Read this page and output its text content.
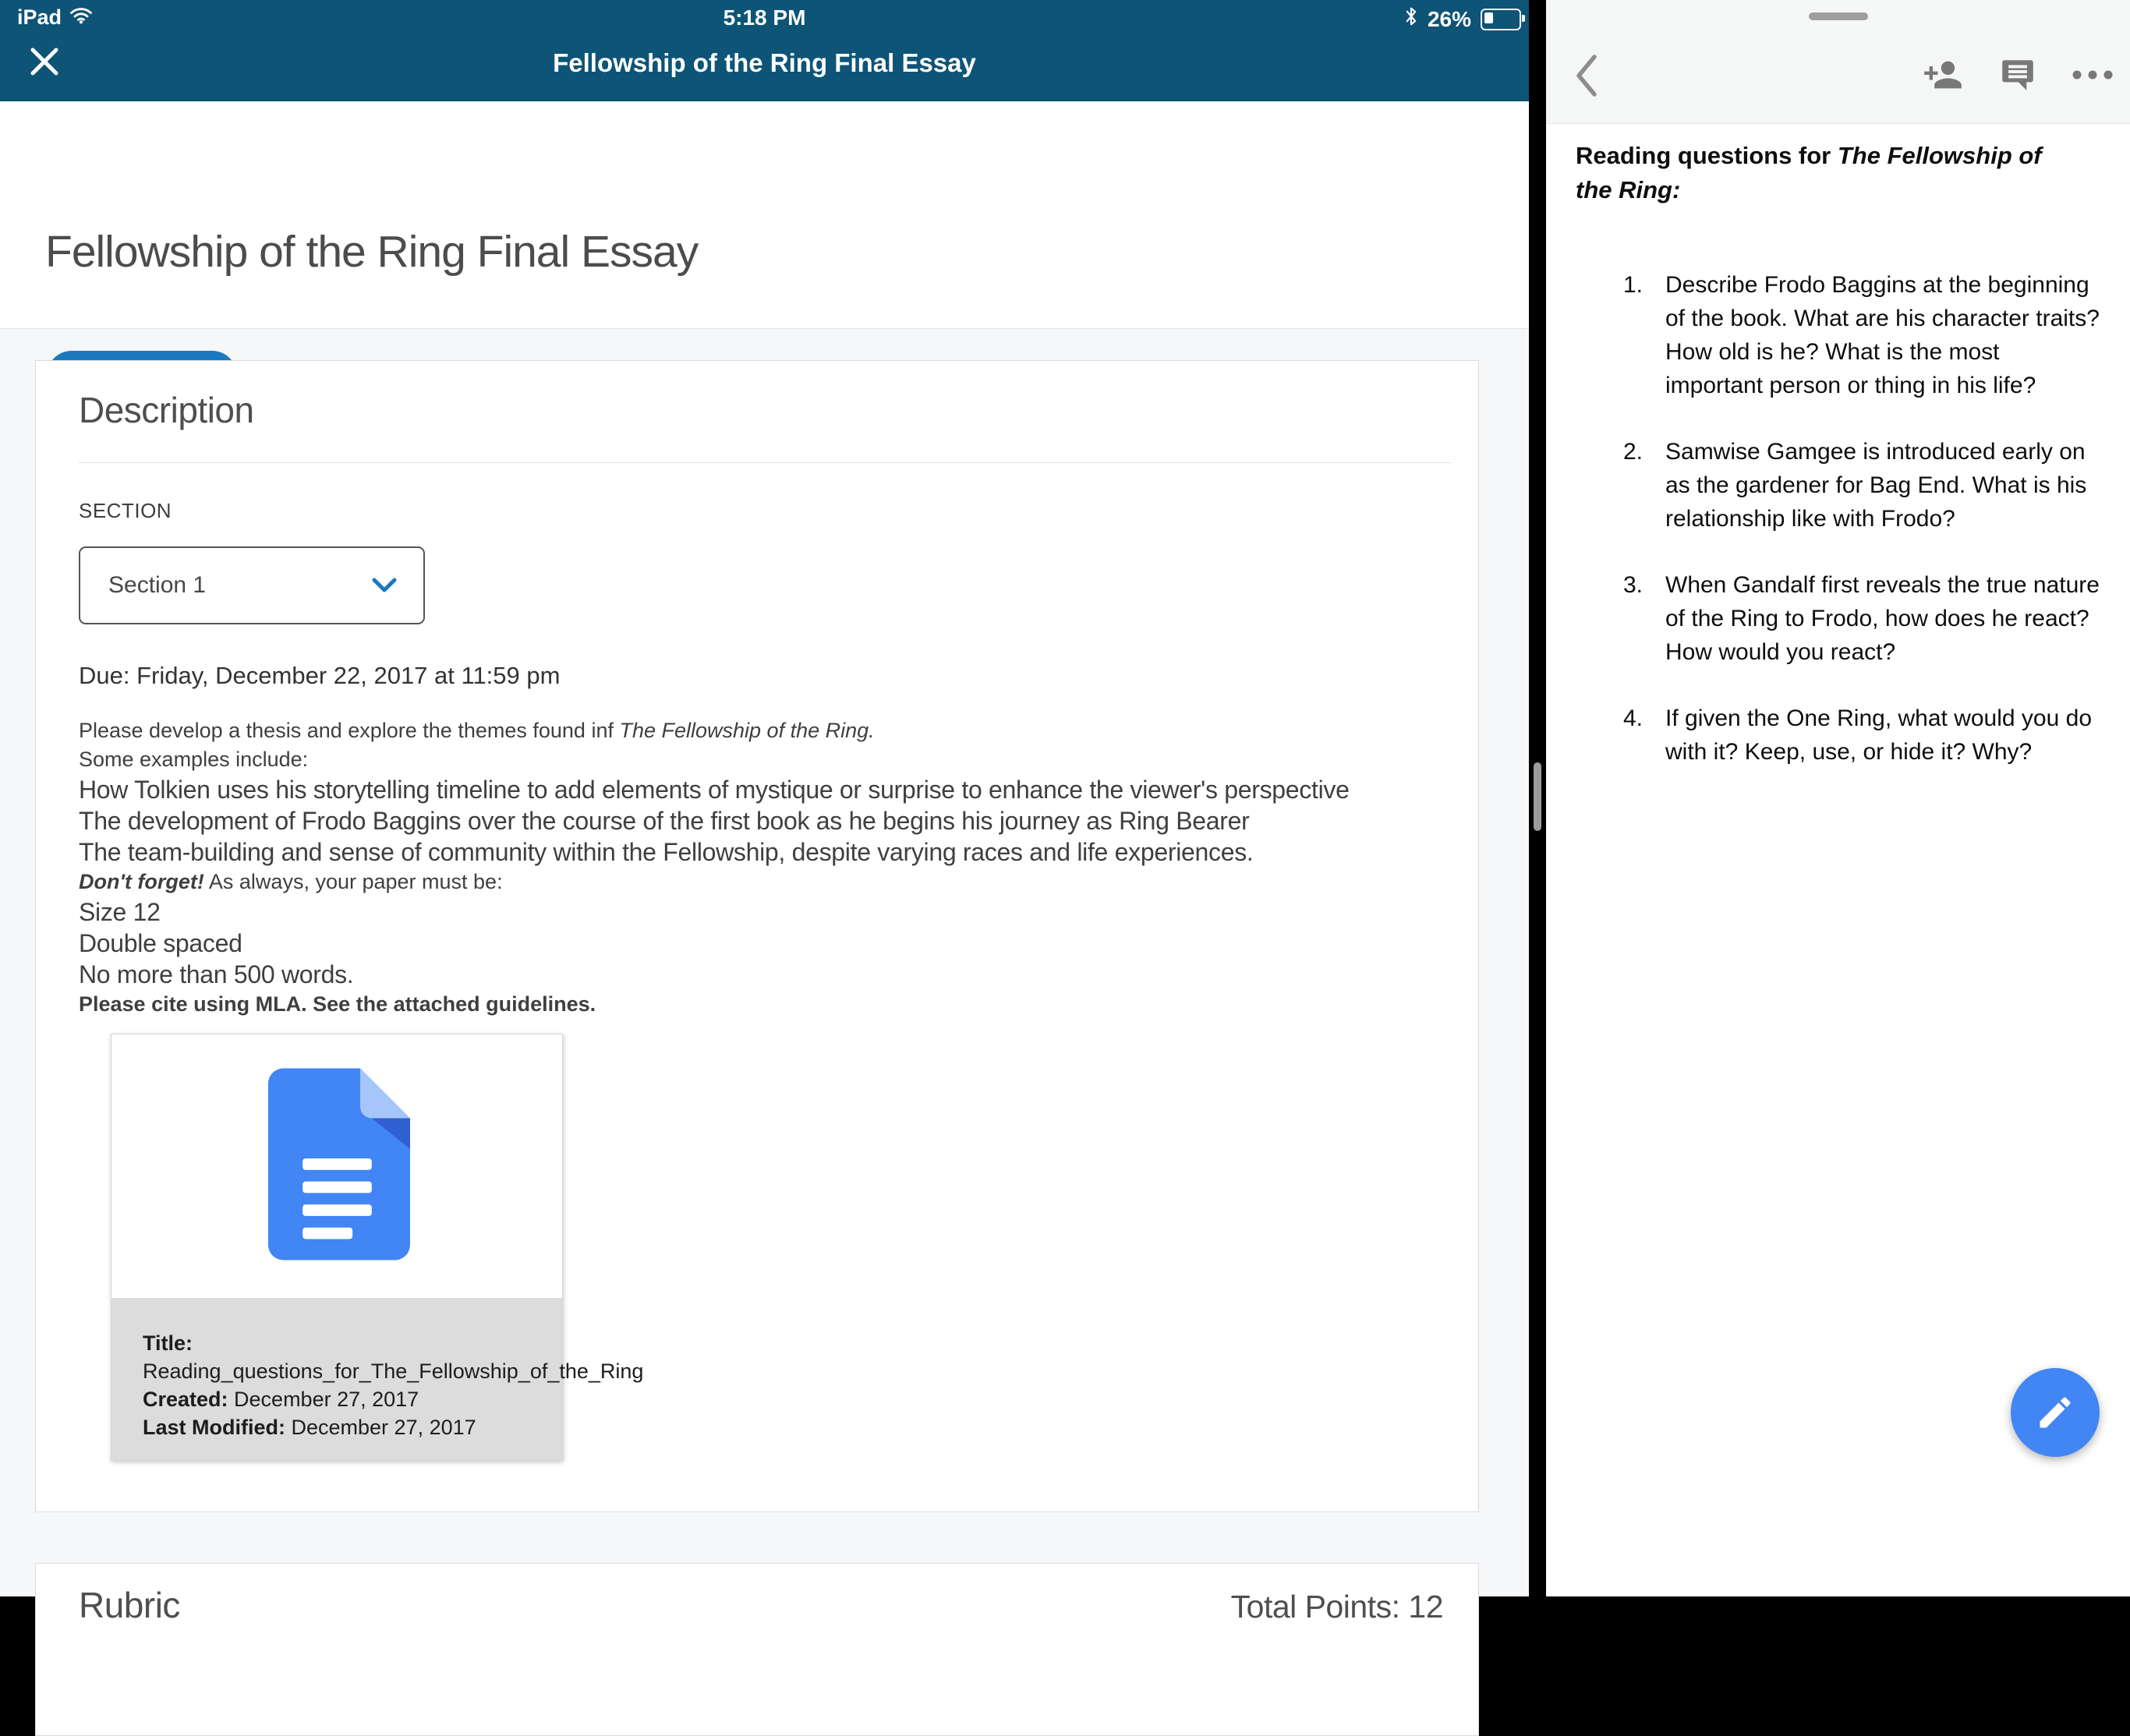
iPad	5:18 PM	26%
Fellowship of the Ring Final Essay
Fellowship of the Ring Final Essay
Description
SECTION
Section 1
Due: Friday, December 22, 2017 at 11:59 pm
Please develop a thesis and explore the themes found inf The Fellowship of the Ring.
Some examples include:
How Tolkien uses his storytelling timeline to add elements of mystique or surprise to enhance the viewer's perspective
The development of Frodo Baggins over the course of the first book as he begins his journey as Ring Bearer
The team-building and sense of community within the Fellowship, despite varying races and life experiences.
Don't forget! As always, your paper must be:
Size 12
Double spaced
No more than 500 words.
Please cite using MLA. See the attached guidelines.
Title:
Reading_questions_for_The_Fellowship_of_the_Ring
Created: December 27, 2017
Last Modified: December 27, 2017
Rubric	Total Points: 12
Reading questions for The Fellowship of the Ring:
1. Describe Frodo Baggins at the beginning of the book. What are his character traits? How old is he? What is the most important person or thing in his life?
2. Samwise Gamgee is introduced early on as the gardener for Bag End. What is his relationship like with Frodo?
3. When Gandalf first reveals the true nature of the Ring to Frodo, how does he react? How would you react?
4. If given the One Ring, what would you do with it? Keep, use, or hide it? Why?
